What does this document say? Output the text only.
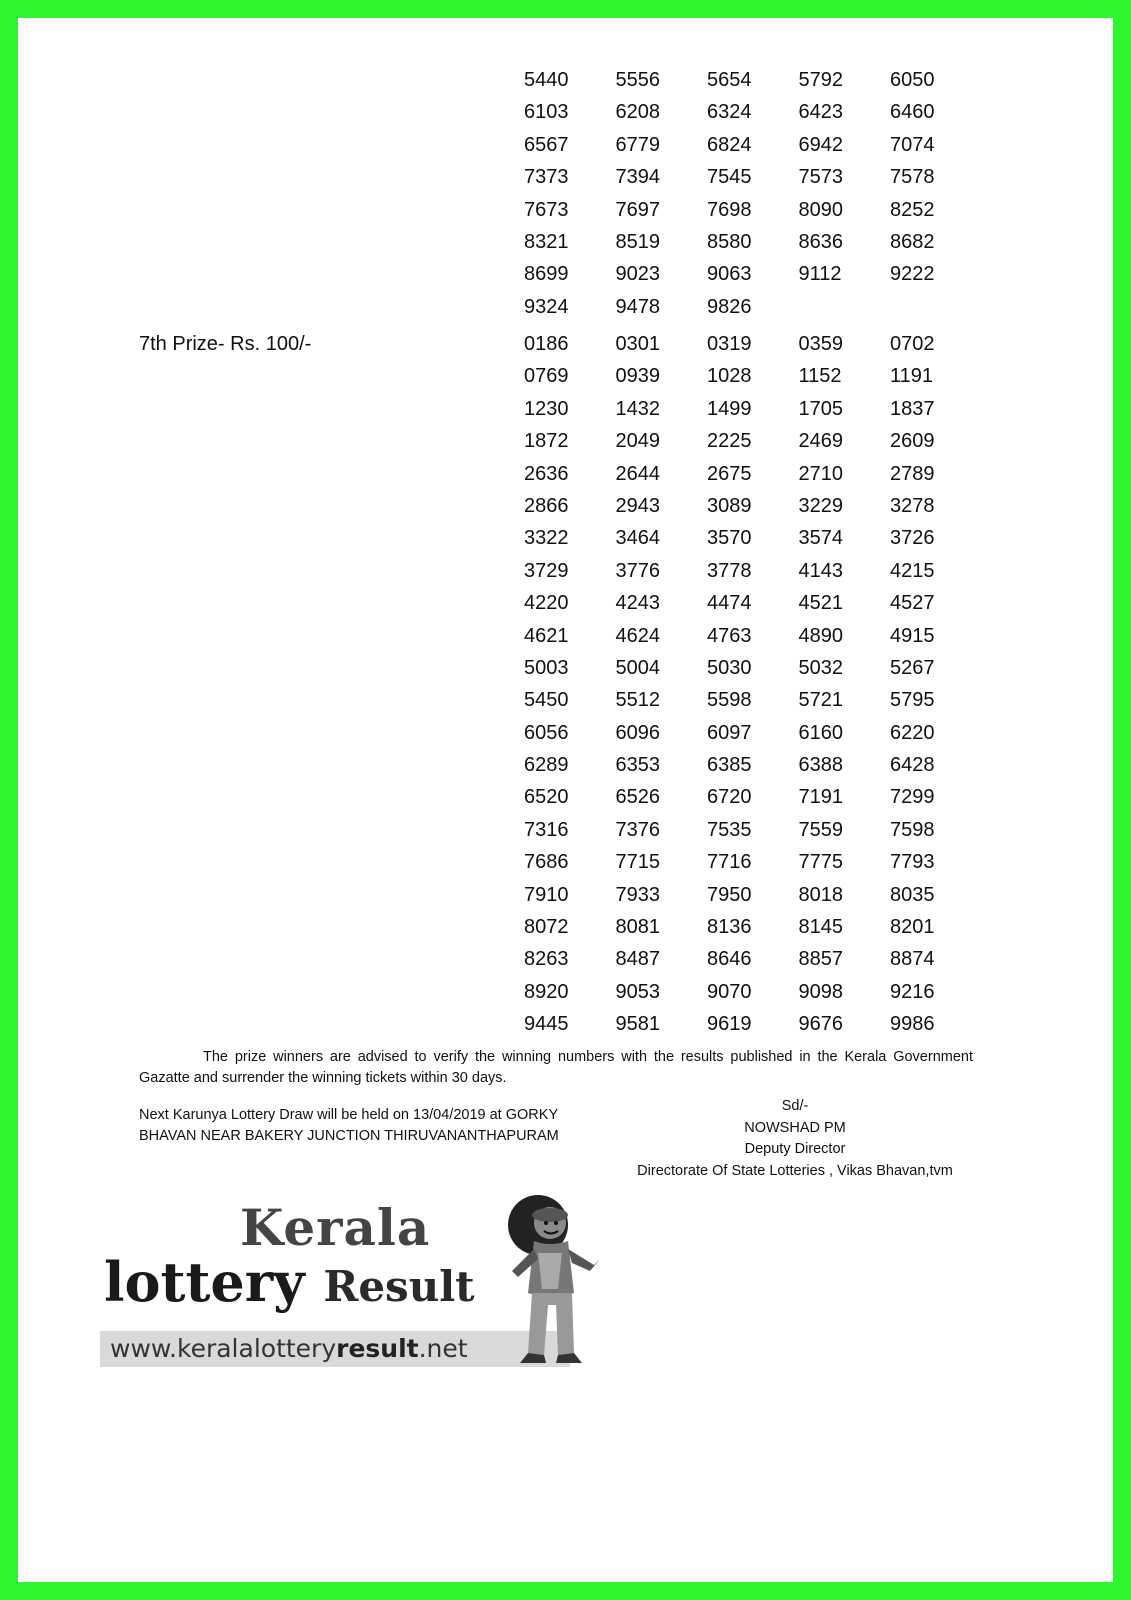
5440	5556	5654	5792	6050
6103	6208	6324	6423	6460
6567	6779	6824	6942	7074
7373	7394	7545	7573	7578
7673	7697	7698	8090	8252
8321	8519	8580	8636	8682
8699	9023	9063	9112	9222
9324	9478	9826
7th Prize- Rs. 100/-	0186	0301	0319	0359	0702
0769	0939	1028	1152	1191
1230	1432	1499	1705	1837
1872	2049	2225	2469	2609
2636	2644	2675	2710	2789
2866	2943	3089	3229	3278
3322	3464	3570	3574	3726
3729	3776	3778	4143	4215
4220	4243	4474	4521	4527
4621	4624	4763	4890	4915
5003	5004	5030	5032	5267
5450	5512	5598	5721	5795
6056	6096	6097	6160	6220
6289	6353	6385	6388	6428
6520	6526	6720	7191	7299
7316	7376	7535	7559	7598
7686	7715	7716	7775	7793
7910	7933	7950	8018	8035
8072	8081	8136	8145	8201
8263	8487	8646	8857	8874
8920	9053	9070	9098	9216
9445	9581	9619	9676	9986
The prize winners are advised to verify the winning numbers with the results published in the Kerala Government Gazatte and surrender the winning tickets within 30 days.
Next Karunya Lottery Draw will be held on 13/04/2019 at GORKY
BHAVAN NEAR BAKERY JUNCTION THIRUVANANTHAPURAM
Sd/-
NOWSHAD PM
Deputy Director
Directorate Of State Lotteries , Vikas Bhavan,tvm
Kerala
lottery Result
www.keralalotteryresult.net
